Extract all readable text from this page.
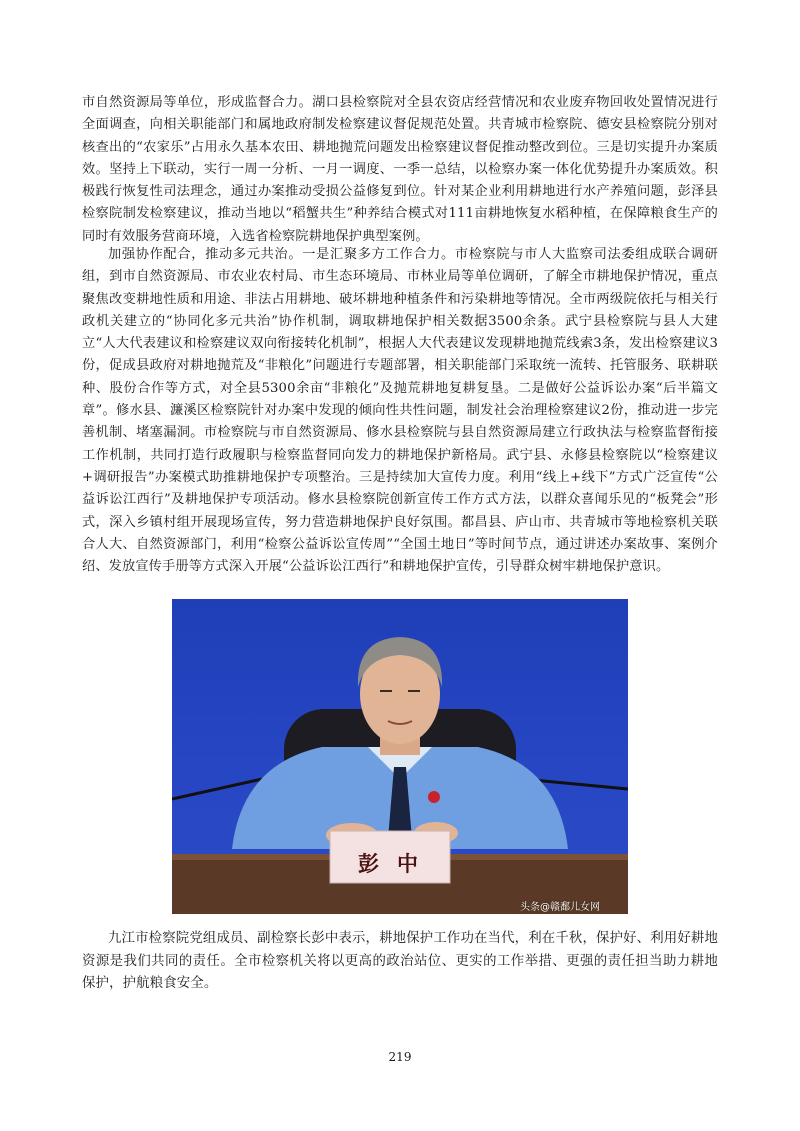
市自然资源局等单位，形成监督合力。湖口县检察院对全县农资店经营情况和农业废弃物回收处置情况进行全面调查，向相关职能部门和属地政府制发检察建议督促规范处置。共青城市检察院、德安县检察院分别对核查出的“农家乐”占用永久基本农田、耕地抛荒问题发出检察建议督促推动整改到位。三是切实提升办案质效。坚持上下联动，实行一周一分析、一月一调度、一季一总结，以检察办案一体化优势提升办案质效。积极践行恢复性司法理念，通过办案推动受损公益修复到位。针对某企业利用耕地进行水产养殖问题，彭泽县检察院制发检察建议，推动当地以“稻蟹共生”种养结合模式对111亩耕地恢复水稻种植，在保障粮食生产的同时有效服务营商环境，入选省检察院耕地保护典型案例。

加强协作配合，推动多元共治。一是汇聚多方工作合力。市检察院与市人大监察司法委组成联合调研组，到市自然资源局、市农业农村局、市生态环境局、市林业局等单位调研，了解全市耕地保护情况，重点聚焦改变耕地性质和用途、非法占用耕地、破坏耕地种植条件和污染耕地等情况。全市两级院依托与相关行政机关建立的“协同化多元共治”协作机制，调取耕地保护相关数据3500余条。武宁县检察院与县人大建立“人大代表建议和检察建议双向衔接转化机制”，根据人大代表建议发现耕地抛荒线索3条，发出检察建议3份，促成县政府对耕地抛荒及“非粮化”问题进行专题部署，相关职能部门采取统一流转、托管服务、联耕联种、股份合作等方式，对全县5300余亩“非粮化”及抛荒耕地复耕复垦。二是做好公益诉讼办案“后半篇文章”。修水县、濂溪区检察院针对办案中发现的倾向性共性问题，制发社会治理检察建议2份，推动进一步完善机制、堵塞漏洞。市检察院与市自然资源局、修水县检察院与县自然资源局建立行政执法与检察监督衔接工作机制，共同打造行政履职与检察监督同向发力的耕地保护新格局。武宁县、永修县检察院以“检察建议+调研报告”办案模式助推耕地保护专项整治。三是持续加大宣传力度。利用“线上+线下”方式广泛宣传“公益诉讼江西行”及耕地保护专项活动。修水县检察院创新宣传工作方式方法，以群众喜闻乐见的“板凳会”形式，深入乡镇村组开展现场宣传，努力营造耕地保护良好氛围。都昌县、庐山市、共青城市等地检察机关联合人大、自然资源部门，利用“检察公益诉讼宣传周”“全国土地日”等时间节点，通过讲述办案故事、案例介绍、发放宣传手册等方式深入开展“公益诉讼江西行”和耕地保护宣传，引导群众树牢耕地保护意识。

彭中
头条@赣鄱儿女网

九江市检察院党组成员、副检察长彭中表示，耕地保护工作功在当代，利在千秋，保护好、利用好耕地资源是我们共同的责任。全市检察机关将以更高的政治站位、更实的工作举措、更强的责任担当助力耕地保护，护航粮食安全。

219
